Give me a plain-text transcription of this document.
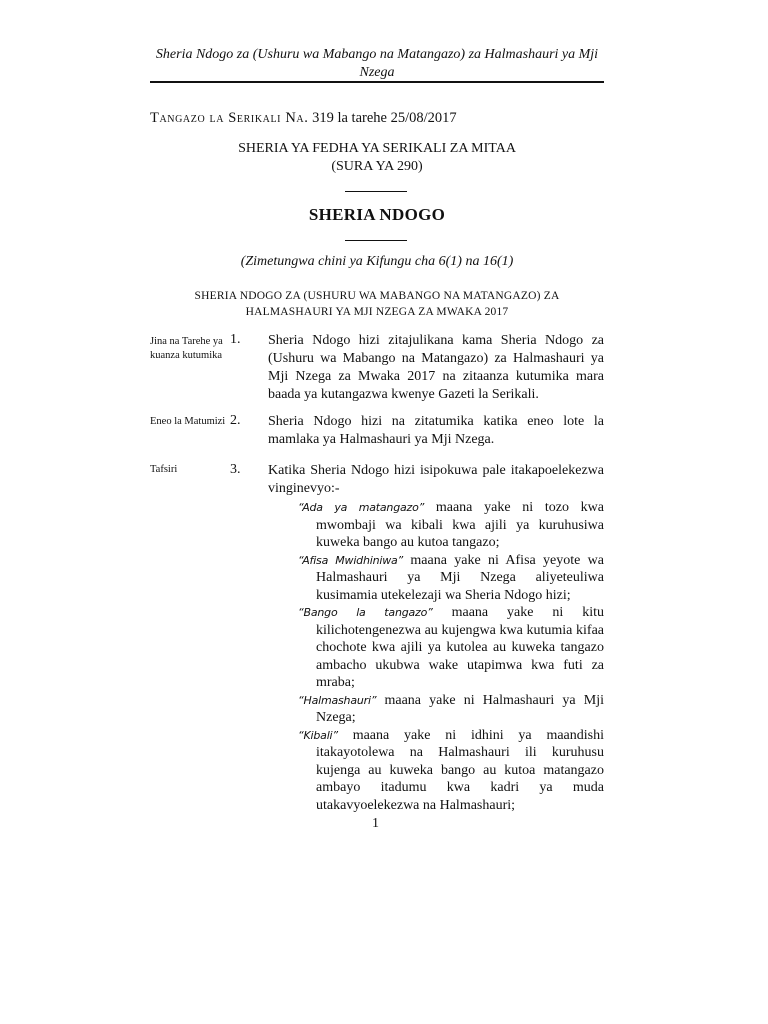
Sheria Ndogo za (Ushuru wa Mabango na Matangazo) za Halmashauri ya Mji Nzega
Tangazo la Serikali Na. 319 la tarehe 25/08/2017
SHERIA YA FEDHA YA SERIKALI ZA MITAA
(SURA YA 290)
SHERIA NDOGO
(Zimetungwa chini ya Kifungu cha 6(1) na 16(1)
SHERIA NDOGO ZA (USHURU WA MABANGO NA MATANGAZO) ZA
HALMASHAURI YA MJI NZEGA ZA MWAKA 2017
Jina na Tarehe ya kuanza kutumika
1. Sheria Ndogo hizi zitajulikana kama Sheria Ndogo za (Ushuru wa Mabango na Matangazo) za Halmashauri ya Mji Nzega za Mwaka 2017 na zitaanza kutumika mara baada ya kutangazwa kwenye Gazeti la Serikali.
Eneo la Matumizi 2. Sheria Ndogo hizi na zitatumika katika eneo lote la mamlaka ya Halmashauri ya Mji Nzega.
Tafsiri	3. Katika Sheria Ndogo hizi isipokuwa pale itakapoelekezwa vinginevyo:-

“Ada ya matangazo” maana yake ni tozo kwa mwombaji wa kibali kwa ajili ya kuruhusiwa kuweka bango au kutoa tangazo;

“Afisa Mwidhiniwa” maana yake ni Afisa yeyote wa Halmashauri ya Mji Nzega aliyeteuliwa kusimamia utekelezaji wa Sheria Ndogo hizi;

“Bango la tangazo” maana yake ni kitu kilichotengenezwa au kujengwa kwa kutumia kifaa chochote kwa ajili ya kutolea au kuweka tangazo ambacho ukubwa wake utapimwa kwa futi za mraba;

“Halmashauri” maana yake ni Halmashauri ya Mji Nzega;

“Kibali” maana yake ni idhini ya maandishi itakayotolewa na Halmashauri ili kuruhusu kujenga au kuweka bango au kutoa matangazo ambayo itadumu kwa kadri ya muda utakavyoelekezwa na Halmashauri;

1
